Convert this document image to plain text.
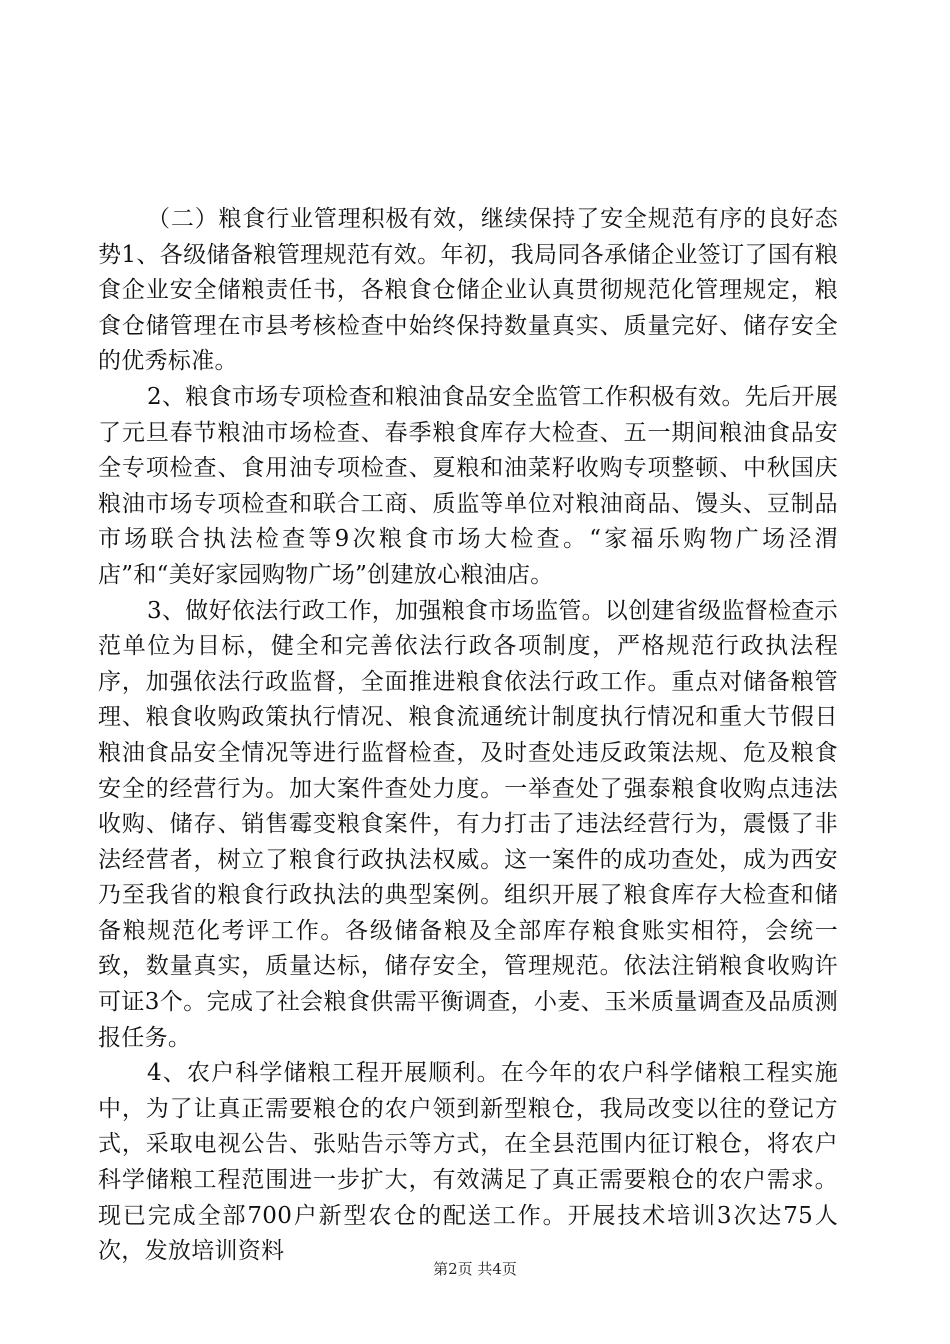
（二）粮食行业管理积极有效，继续保持了安全规范有序的良好态势1、各级储备粮管理规范有效。年初，我局同各承储企业签订了国有粮食企业安全储粮责任书，各粮食仓储企业认真贯彻规范化管理规定，粮食仓储管理在市县考核检查中始终保持数量真实、质量完好、储存安全的优秀标准。

2、粮食市场专项检查和粮油食品安全监管工作积极有效。先后开展了元旦春节粮油市场检查、春季粮食库存大检查、五一期间粮油食品安全专项检查、食用油专项检查、夏粮和油菜籽收购专项整顿、中秋国庆粮油市场专项检查和联合工商、质监等单位对粮油商品、馒头、豆制品市场联合执法检查等9次粮食市场大检查。“家福乐购物广场泾渭店”和“美好家园购物广场”创建放心粮油店。

3、做好依法行政工作，加强粮食市场监管。以创建省级监督检查示范单位为目标，健全和完善依法行政各项制度，严格规范行政执法程序，加强依法行政监督，全面推进粮食依法行政工作。重点对储备粮管理、粮食收购政策执行情况、粮食流通统计制度执行情况和重大节假日粮油食品安全情况等进行监督检查，及时查处违反政策法规、危及粮食安全的经营行为。加大案件查处力度。一举查处了强泰粮食收购点违法收购、储存、销售霉变粮食案件，有力打击了违法经营行为，震慑了非法经营者，树立了粮食行政执法权威。这一案件的成功查处，成为西安乃至我省的粮食行政执法的典型案例。组织开展了粮食库存大检查和储备粮规范化考评工作。各级储备粮及全部库存粮食账实相符，会统一致，数量真实，质量达标，储存安全，管理规范。依法注销粮食收购许可证3个。完成了社会粮食供需平衡调查，小麦、玉米质量调查及品质测报任务。

4、农户科学储粮工程开展顺利。在今年的农户科学储粮工程实施中，为了让真正需要粮仓的农户领到新型粮仓，我局改变以往的登记方式，采取电视公告、张贴告示等方式，在全县范围内征订粮仓，将农户科学储粮工程范围进一步扩大，有效满足了真正需要粮仓的农户需求。现已完成全部700户新型农仓的配送工作。开展技术培训3次达75人次，发放培训资料

第2页 共4页
